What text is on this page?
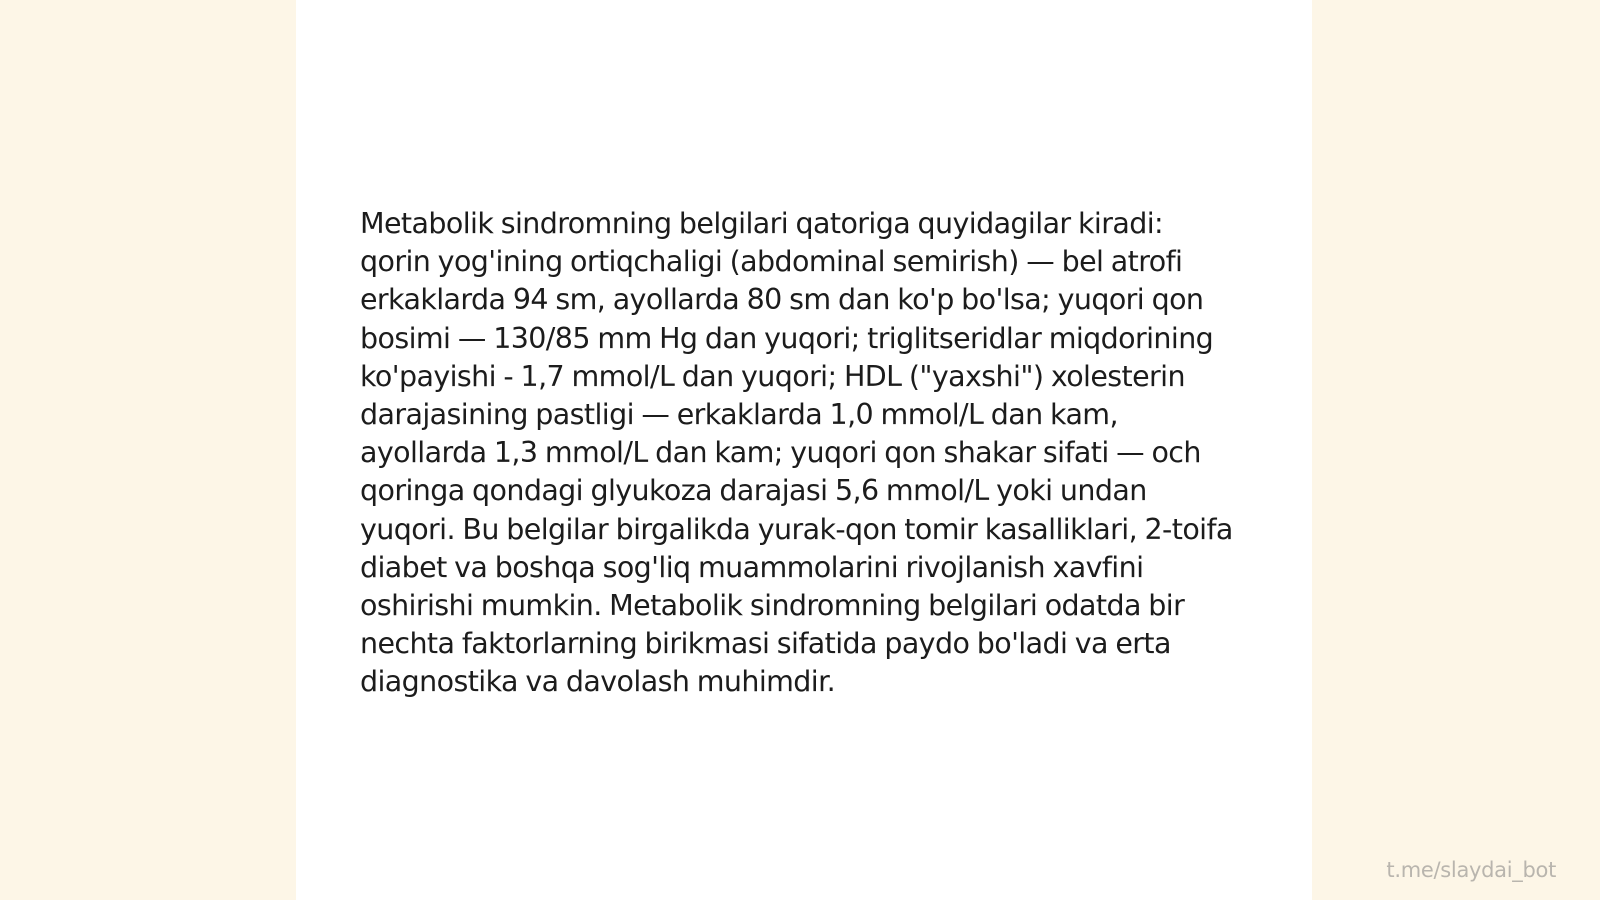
Metabolik sindromning belgilari qatoriga quyidagilar kiradi: qorin yog'ining ortiqchaligi (abdominal semirish) — bel atrofi erkaklarda 94 sm, ayollarda 80 sm dan ko'p bo'lsa; yuqori qon bosimi — 130/85 mm Hg dan yuqori; triglitseridlar miqdorining ko'payishi - 1,7 mmol/L dan yuqori; HDL ("yaxshi") xolesterin darajasining pastligi — erkaklarda 1,0 mmol/L dan kam, ayollarda 1,3 mmol/L dan kam; yuqori qon shakar sifati — och qoringa qondagi glyukoza darajasi 5,6 mmol/L yoki undan yuqori. Bu belgilar birgalikda yurak-qon tomir kasalliklari, 2-toifa diabet va boshqa sog'liq muammolarini rivojlanish xavfini oshirishi mumkin. Metabolik sindromning belgilari odatda bir nechta faktorlarning birikmasi sifatida paydo bo'ladi va erta diagnostika va davolash muhimdir.

t.me/slaydai_bot
